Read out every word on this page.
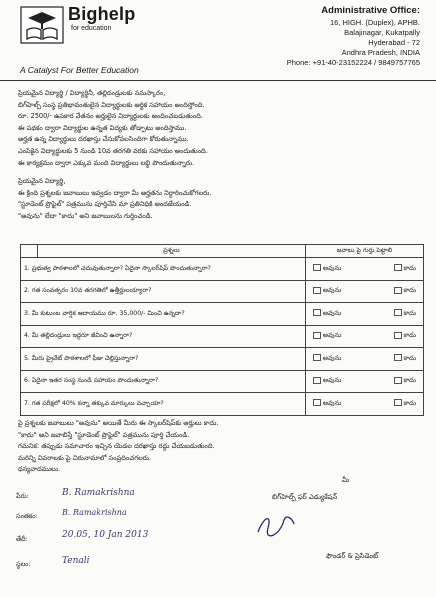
Bighelp
for education
A Catalyst For Better Education
Administrative Office:
16, HIGH. (Duplex), APHB.
Balajinagar, Kukatpally
Hyderabad - 72
Andhra Pradesh, INDIA
Phone: +91-40-23152224 / 9849757765
ప్రియమైన విద్యార్థి / విద్యార్థినీ, తల్లిదండ్రులకు నమస్కారం,
బిగ్‌హెల్ప్ సంస్థ ప్రతిభావంతులైన విద్యార్థులకు ఆర్థిక సహాయం అందిస్తోంది.
రూ. 2500/- ఉపకార వేతనం అర్హులైన విద్యార్థులకు అందించబడుతుంది.
ఈ పథకం ద్వారా విద్యార్థుల ఉన్నత విద్యకు తోడ్పాటు అందిస్తాము.
అర్హత ఉన్న విద్యార్థులు దరఖాస్తు చేసుకోవలసిందిగా కోరుతున్నాము.
ఎంపికైన విద్యార్థులకు 5 నుండి 10వ తరగతి వరకు సహాయం అందుతుంది.
ఈ కార్యక్రమం ద్వారా ఎక్కువ మంది విద్యార్థులు లబ్ధి పొందుతున్నారు.
ప్రియమైన విద్యార్థి,
ఈ క్రింది ప్రశ్నలకు జవాబులు ఇవ్వడం ద్వారా మీ అర్హతను నిర్ధారించుకోగలరు.
"స్టూడెంట్ ప్రొఫైల్" పత్రమును పూర్తిచేసి మా ప్రతినిధికి అందజేయండి.
"అవును" లేదా "కాదు" అని జవాబులను గుర్తించండి.
	ప్రశ్నలు	జవాబు పై గుర్తు పెట్టాలి
1. ప్రభుత్వ పాఠశాలలో చదువుతున్నారా? ఏదైనా స్కాలర్‌షిప్ పొందుతున్నారా?		అవును కాదు

2. గత సంవత్సరం 10వ తరగతిలో ఉత్తీర్ణులయ్యారా?		అవును కాదు

3. మీ కుటుంబ వార్షిక ఆదాయము రూ. 35,000/- మించి ఉన్నదా?		అవును కాదు

4. మీ తల్లిదండ్రులు ఇద్దరూ జీవించి ఉన్నారా?		అవును కాదు

5. మీరు ప్రైవేట్ పాఠశాలలో ఫీజు చెల్లిస్తున్నారా?		అవును కాదు

6. ఏదైనా ఇతర సంస్థ నుండి సహాయం పొందుతున్నారా?		అవును కాదు

7. గత పరీక్షలో 40% కన్నా తక్కువ మార్కులు వచ్చాయా?		అవును కాదు
పై ప్రశ్నలకు జవాబులు "అవును" అయితే మీరు ఈ స్కాలర్‌షిప్‌కు అర్హులు కాదు.
"కాదు" అని జవాబిస్తే "స్టూడెంట్ ప్రొఫైల్" పత్రమును పూర్తి చేయండి.
గమనిక: తప్పుడు సమాచారం ఇచ్చిన యెడల దరఖాస్తు రద్దు చేయబడుతుంది.
మరిన్ని వివరాలకు పై చిరునామాలో సంప్రదించగలరు.
ధన్యవాదములు.
పేరు:	B. Ramakrishna
సంతకం:	B. Ramakrishna
తేదీ:	20.05, 10 Jan 2013
స్థలం:	Tenali
మీ
బిగ్‌హెల్ప్ ఫర్ ఎడ్యుకేషన్
ఫౌండర్ & ప్రెసిడెంట్
